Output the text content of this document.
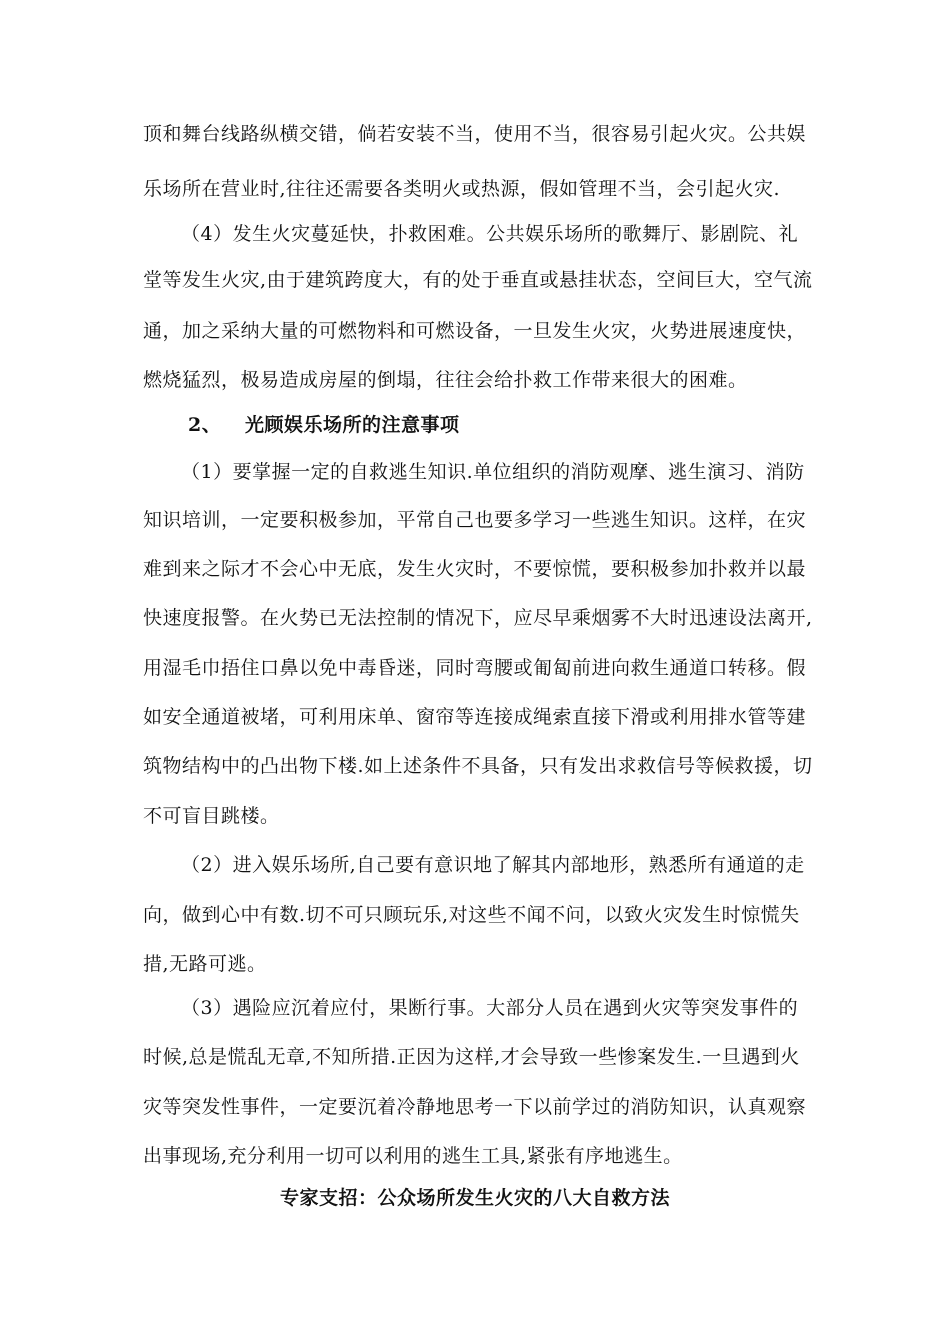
顶和舞台线路纵横交错，倘若安装不当，使用不当，很容易引起火灾。公共娱
乐场所在营业时,往往还需要各类明火或热源，假如管理不当，会引起火灾.
（4）发生火灾蔓延快，扑救困难。公共娱乐场所的歌舞厅、影剧院、礼
堂等发生火灾,由于建筑跨度大，有的处于垂直或悬挂状态，空间巨大，空气流
通，加之采纳大量的可燃物料和可燃设备，一旦发生火灾，火势进展速度快，
燃烧猛烈，极易造成房屋的倒塌，往往会给扑救工作带来很大的困难。
2、 光顾娱乐场所的注意事项
（1）要掌握一定的自救逃生知识.单位组织的消防观摩、逃生演习、消防
知识培训，一定要积极参加，平常自己也要多学习一些逃生知识。这样，在灾
难到来之际才不会心中无底，发生火灾时，不要惊慌，要积极参加扑救并以最
快速度报警。在火势已无法控制的情况下，应尽早乘烟雾不大时迅速设法离开,
用湿毛巾捂住口鼻以免中毒昏迷，同时弯腰或匍匐前进向救生通道口转移。假
如安全通道被堵，可利用床单、窗帘等连接成绳索直接下滑或利用排水管等建
筑物结构中的凸出物下楼.如上述条件不具备，只有发出求救信号等候救援，切
不可盲目跳楼。
（2）进入娱乐场所,自己要有意识地了解其内部地形，熟悉所有通道的走
向，做到心中有数.切不可只顾玩乐,对这些不闻不问，以致火灾发生时惊慌失
措,无路可逃。
（3）遇险应沉着应付，果断行事。大部分人员在遇到火灾等突发事件的
时候,总是慌乱无章,不知所措.正因为这样,才会导致一些惨案发生.一旦遇到火
灾等突发性事件，一定要沉着冷静地思考一下以前学过的消防知识，认真观察
出事现场,充分利用一切可以利用的逃生工具,紧张有序地逃生。
专家支招：公众场所发生火灾的八大自救方法
